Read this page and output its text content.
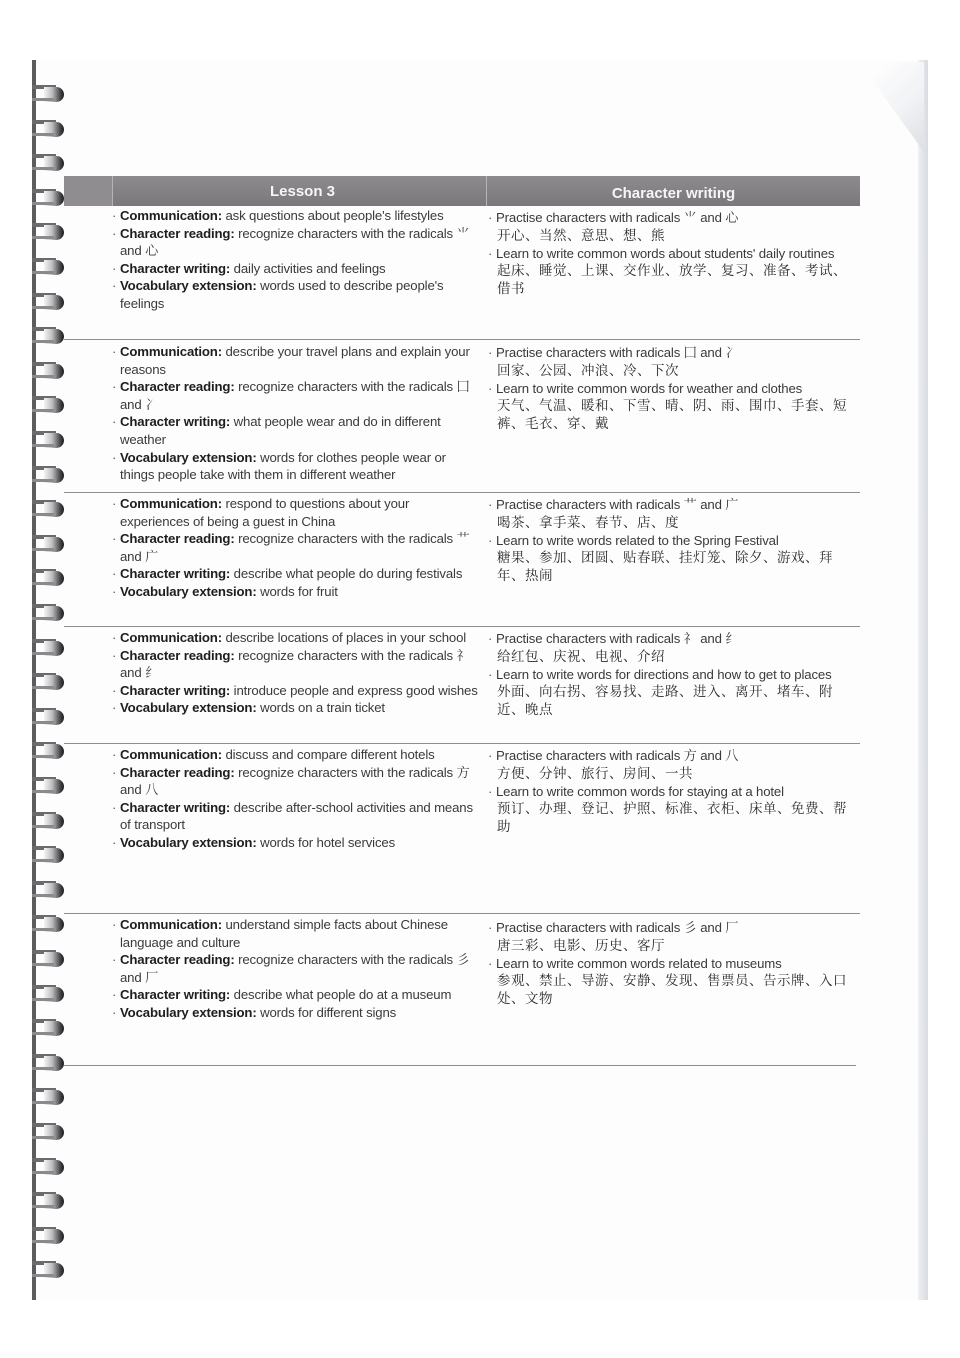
Lesson 3	Character writing
· Communication: ask questions about people's lifestyles
· Character reading: recognize characters with the radicals ⺌ and 心
· Character writing: daily activities and feelings
· Vocabulary extension: words used to describe people's feelings
· Practise characters with radicals ⺌ and 心
开心、当然、意思、想、熊
· Learn to write common words about students' daily routines
起床、睡觉、上课、交作业、放学、复习、准备、考试、借书
· Communication: describe your travel plans and explain your reasons
· Character reading: recognize characters with the radicals 囗 and 冫
· Character writing: what people wear and do in different weather
· Vocabulary extension: words for clothes people wear or things people take with them in different weather
· Practise characters with radicals 囗 and 冫
回家、公园、冲浪、冷、下次
· Learn to write common words for weather and clothes
天气、气温、暖和、下雪、晴、阴、雨、围巾、手套、短裤、毛衣、穿、戴
· Communication: respond to questions about your experiences of being a guest in China
· Character reading: recognize characters with the radicals 艹 and 广
· Character writing: describe what people do during festivals
· Vocabulary extension: words for fruit
· Practise characters with radicals 艹 and 广
喝茶、拿手菜、春节、店、度
· Learn to write words related to the Spring Festival
糖果、参加、团圆、贴春联、挂灯笼、除夕、游戏、拜年、热闹
· Communication: describe locations of places in your school
· Character reading: recognize characters with the radicals 礻 and 纟
· Character writing: introduce people and express good wishes
· Vocabulary extension: words on a train ticket
· Practise characters with radicals 礻 and 纟
给红包、庆祝、电视、介绍
· Learn to write words for directions and how to get to places
外面、向右拐、容易找、走路、进入、离开、堵车、附近、晚点
· Communication: discuss and compare different hotels
· Character reading: recognize characters with the radicals 方 and 八
· Character writing: describe after-school activities and means of transport
· Vocabulary extension: words for hotel services
· Practise characters with radicals 方 and 八
方便、分钟、旅行、房间、一共
· Learn to write common words for staying at a hotel
预订、办理、登记、护照、标准、衣柜、床单、免费、帮助
· Communication: understand simple facts about Chinese language and culture
· Character reading: recognize characters with the radicals 彡 and 厂
· Character writing: describe what people do at a museum
· Vocabulary extension: words for different signs
· Practise characters with radicals 彡 and 厂
唐三彩、电影、历史、客厅
· Learn to write common words related to museums
参观、禁止、导游、安静、发现、售票员、告示牌、入口处、文物
